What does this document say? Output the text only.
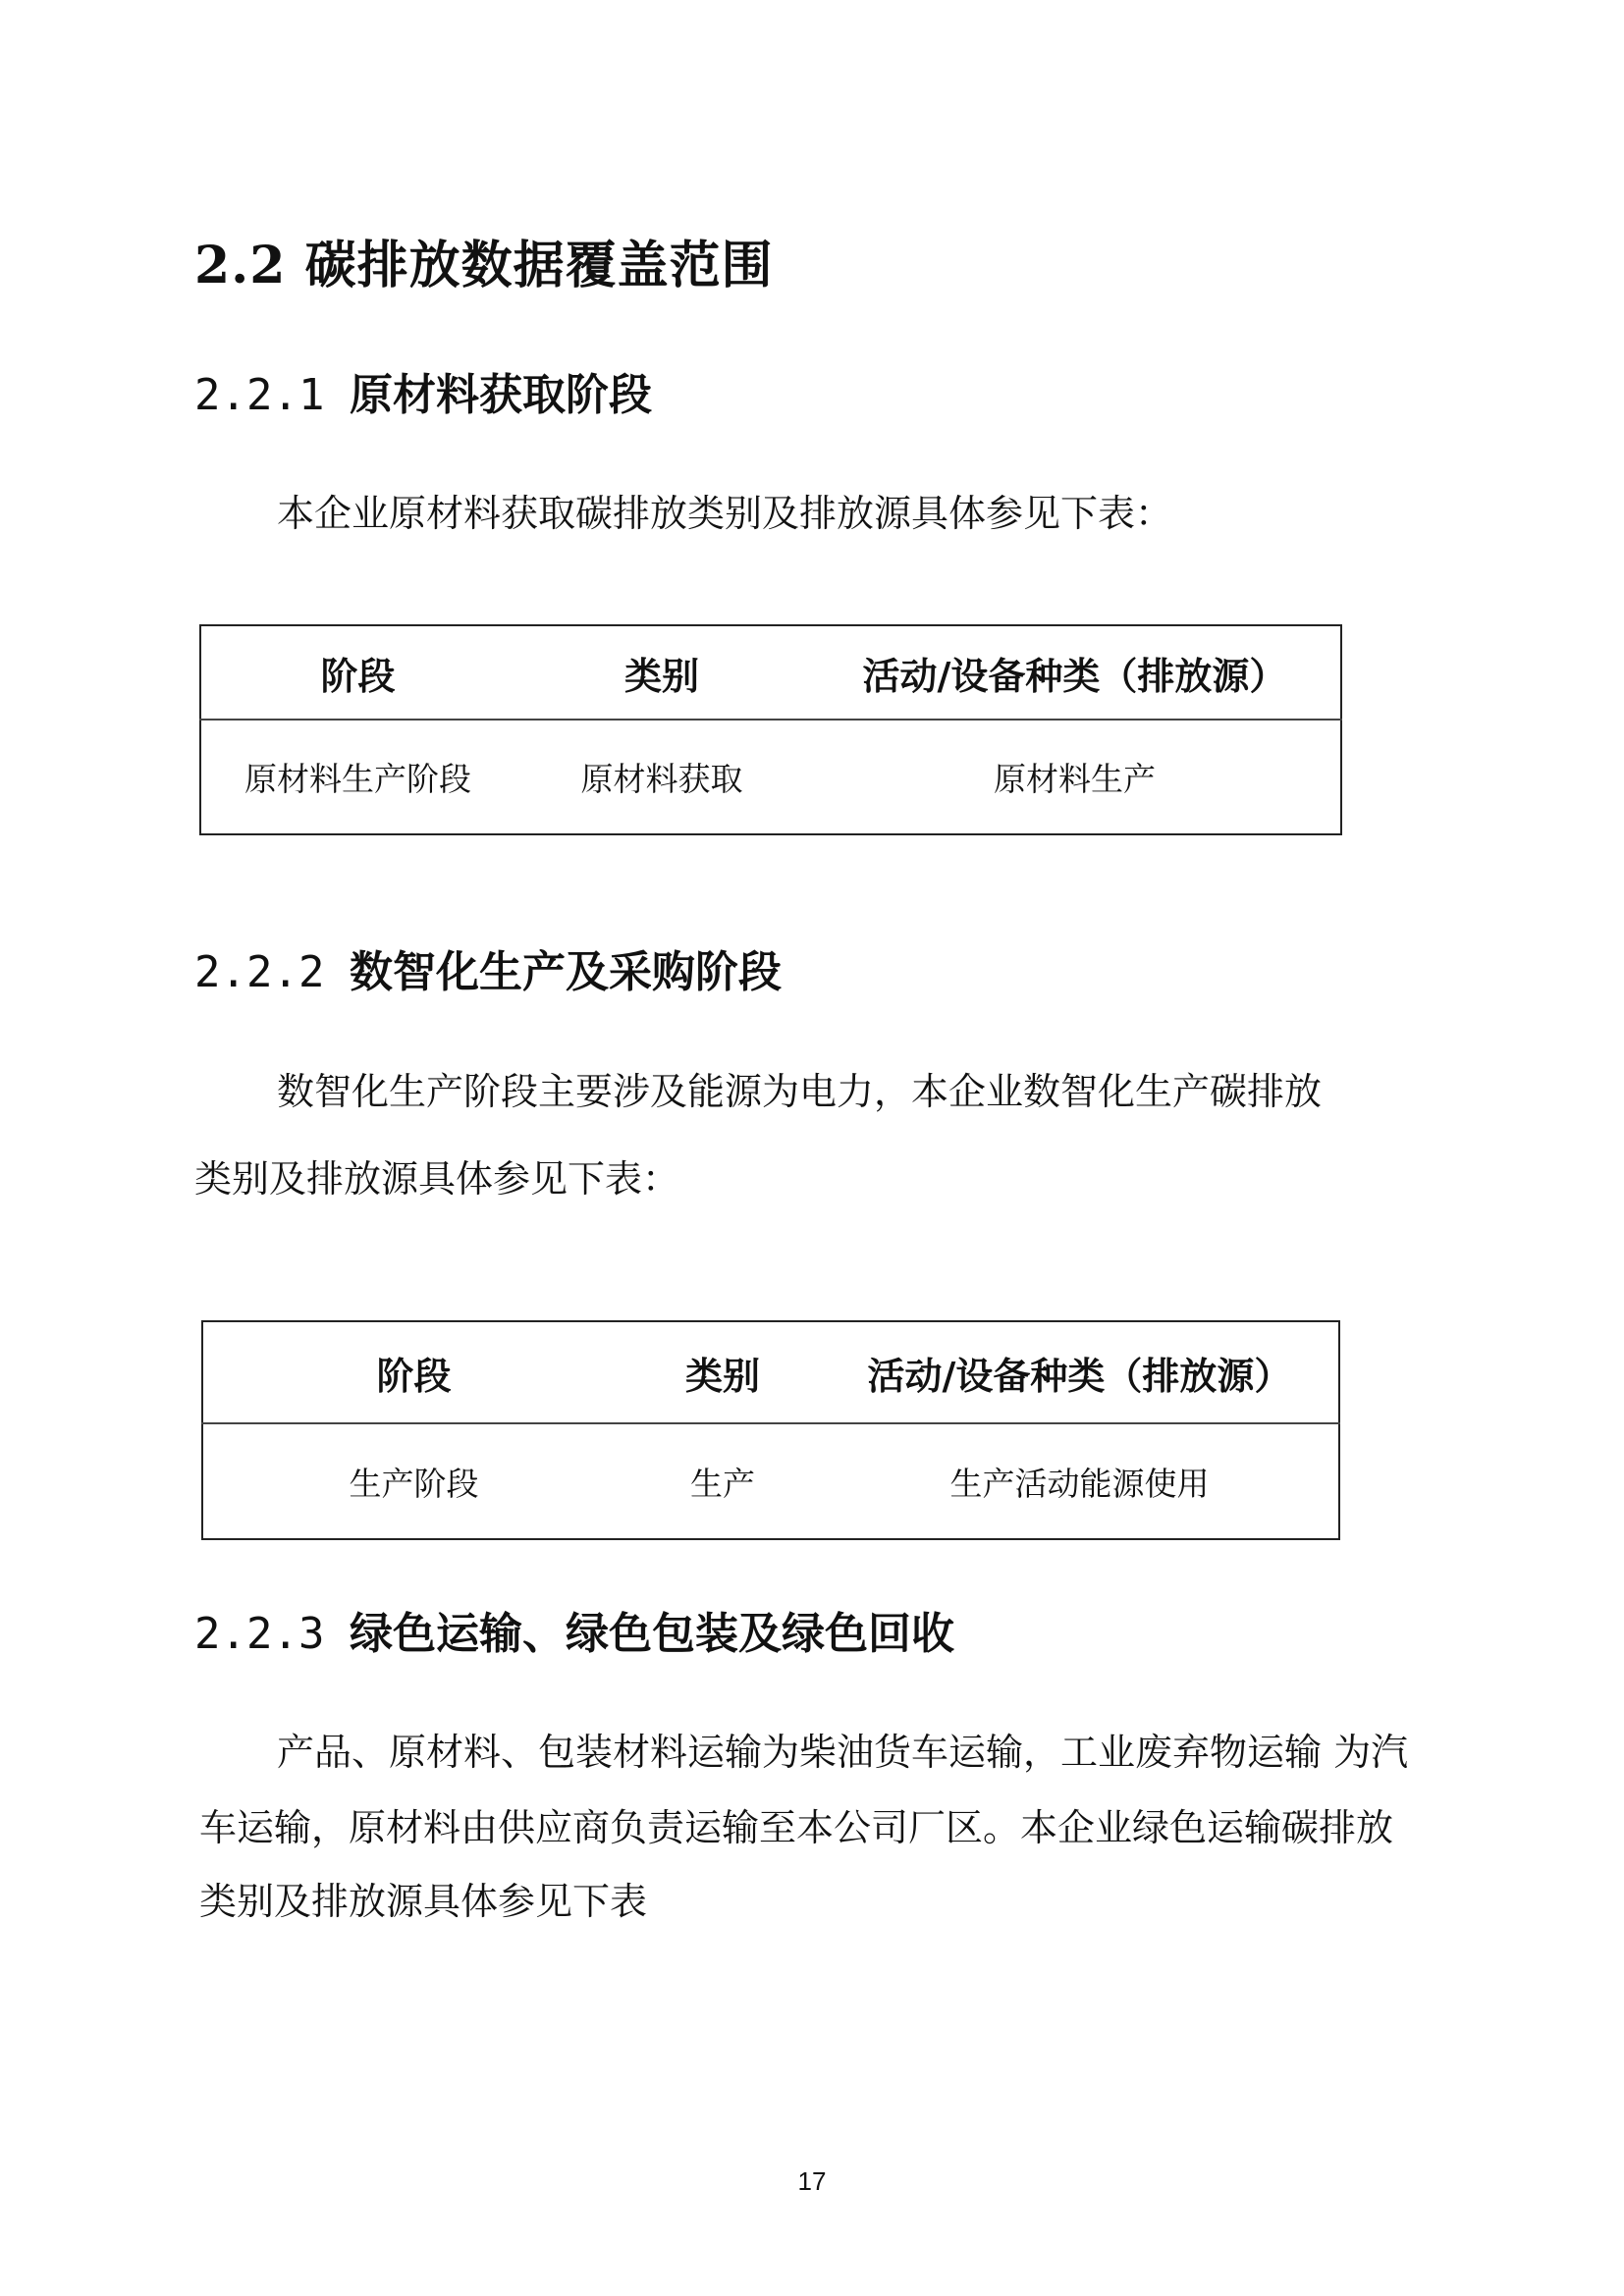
2.2 碳排放数据覆盖范围
2.2.1 原材料获取阶段
本企业原材料获取碳排放类别及排放源具体参见下表：
阶段	类别	活动/设备种类（排放源）
原材料生产阶段	原材料获取	原材料生产
2.2.2 数智化生产及采购阶段
数智化生产阶段主要涉及能源为电力，本企业数智化生产碳排放
类别及排放源具体参见下表：
阶段	类别	活动/设备种类（排放源）
生产阶段	生产	生产活动能源使用
2.2.3 绿色运输、绿色包装及绿色回收
产品、原材料、包装材料运输为柴油货车运输，工业废弃物运输 为汽
车运输，原材料由供应商负责运输至本公司厂区。本企业绿色运输碳排放
类别及排放源具体参见下表
17
